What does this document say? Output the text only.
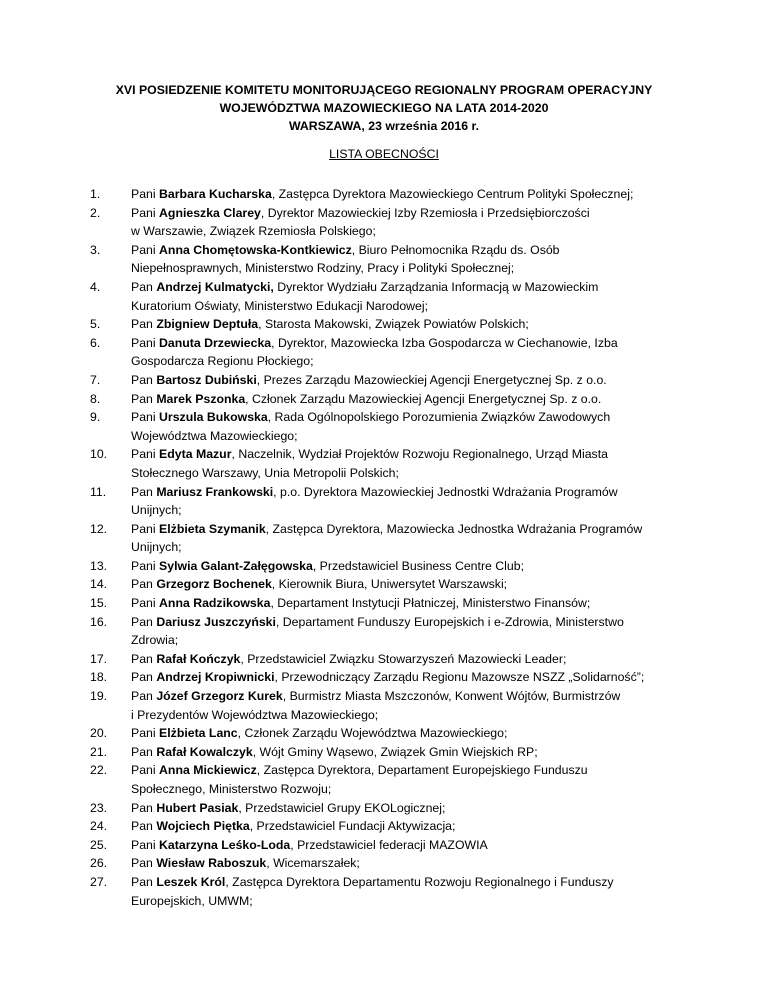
XVI POSIEDZENIE KOMITETU MONITORUJĄCEGO REGIONALNY PROGRAM OPERACYJNY
WOJEWÓDZTWA MAZOWIECKIEGO NA LATA 2014-2020
WARSZAWA, 23 września 2016 r.
LISTA OBECNOŚCI
1.	Pani Barbara Kucharska, Zastępca Dyrektora Mazowieckiego Centrum Polityki Społecznej;
2.	Pani Agnieszka Clarey, Dyrektor Mazowieckiej Izby Rzemiosła i Przedsiębiorczości
w Warszawie, Związek Rzemiosła Polskiego;
3.	Pani Anna Chomętowska-Kontkiewicz, Biuro Pełnomocnika Rządu ds. Osób
Niepełnosprawnych, Ministerstwo Rodziny, Pracy i Polityki Społecznej;
4.	Pan Andrzej Kulmatycki, Dyrektor Wydziału Zarządzania Informacją w Mazowieckim
Kuratorium Oświaty, Ministerstwo Edukacji Narodowej;
5.	Pan Zbigniew Deptuła, Starosta Makowski, Związek Powiatów Polskich;
6.	Pani Danuta Drzewiecka, Dyrektor, Mazowiecka Izba Gospodarcza w Ciechanowie, Izba
Gospodarcza Regionu Płockiego;
7.	Pan Bartosz Dubiński, Prezes Zarządu Mazowieckiej Agencji Energetycznej Sp. z o.o.
8.	Pan Marek Pszonka, Członek Zarządu Mazowieckiej Agencji Energetycznej Sp. z o.o.
9.	Pani Urszula Bukowska, Rada Ogólnopolskiego Porozumienia Związków Zawodowych
Województwa Mazowieckiego;
10.	Pani Edyta Mazur, Naczelnik, Wydział Projektów Rozwoju Regionalnego, Urząd Miasta
Stołecznego Warszawy, Unia Metropolii Polskich;
11.	Pan Mariusz Frankowski, p.o. Dyrektora Mazowieckiej Jednostki Wdrażania Programów
Unijnych;
12.	Pani Elżbieta Szymanik, Zastępca Dyrektora, Mazowiecka Jednostka Wdrażania Programów
Unijnych;
13.	Pani Sylwia Galant-Załęgowska, Przedstawiciel Business Centre Club;
14.	Pan Grzegorz Bochenek, Kierownik Biura, Uniwersytet Warszawski;
15.	Pani Anna Radzikowska, Departament Instytucji Płatniczej, Ministerstwo Finansów;
16.	Pan Dariusz Juszczyński, Departament Funduszy Europejskich i e-Zdrowia, Ministerstwo
Zdrowia;
17.	Pan Rafał Kończyk, Przedstawiciel Związku Stowarzyszeń Mazowiecki Leader;
18.	Pan Andrzej Kropiwnicki, Przewodniczący Zarządu Regionu Mazowsze NSZZ „Solidarność”;
19.	Pan Józef Grzegorz Kurek, Burmistrz Miasta Mszczonów, Konwent Wójtów, Burmistrzów
i Prezydentów Województwa Mazowieckiego;
20.	Pani Elżbieta Lanc, Członek Zarządu Województwa Mazowieckiego;
21.	Pan Rafał Kowalczyk, Wójt Gminy Wąsewo, Związek Gmin Wiejskich RP;
22.	Pani Anna Mickiewicz, Zastępca Dyrektora, Departament Europejskiego Funduszu
Społecznego, Ministerstwo Rozwoju;
23.	Pan Hubert Pasiak, Przedstawiciel Grupy EKOLogicznej;
24.	Pan Wojciech Piętka, Przedstawiciel Fundacji Aktywizacja;
25.	Pani Katarzyna Leśko-Loda, Przedstawiciel federacji MAZOWIA
26.	Pan Wiesław Raboszuk, Wicemarszałek;
27.	Pan Leszek Król, Zastępca Dyrektora Departamentu Rozwoju Regionalnego i Funduszy
Europejskich, UMWM;
